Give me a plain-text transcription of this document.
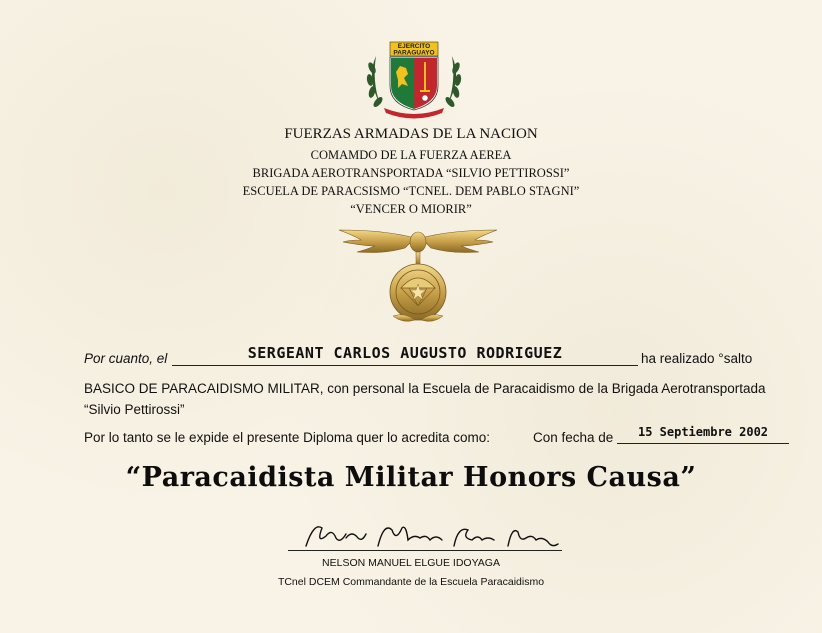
EJERCITO
PARAGUAYO
FUERZAS ARMADAS DE LA NACION
COMAMDO DE LA FUERZA AEREA
BRIGADA AEROTRANSPORTADA “SILVIO PETTIROSSI”
ESCUELA DE PARACSISMO “TCNEL. DEM PABLO STAGNI”
“VENCER O MIORIR”
Por cuanto, el	SERGEANT CARLOS AUGUSTO RODRIGUEZ	ha realizado °salto
BASICO DE PARACAIDISMO MILITAR, con personal la Escuela de Paracaidismo de la Brigada Aerotransportada
“Silvio Pettirossi”
Por lo tanto se le expide el presente Diploma quer lo acredita como:	Con fecha de	15 Septiembre 2002
“Paracaidista Militar Honors Causa”
NELSON MANUEL ELGUE IDOYAGA
TCnel DCEM Commandante de la Escuela Paracaidismo
